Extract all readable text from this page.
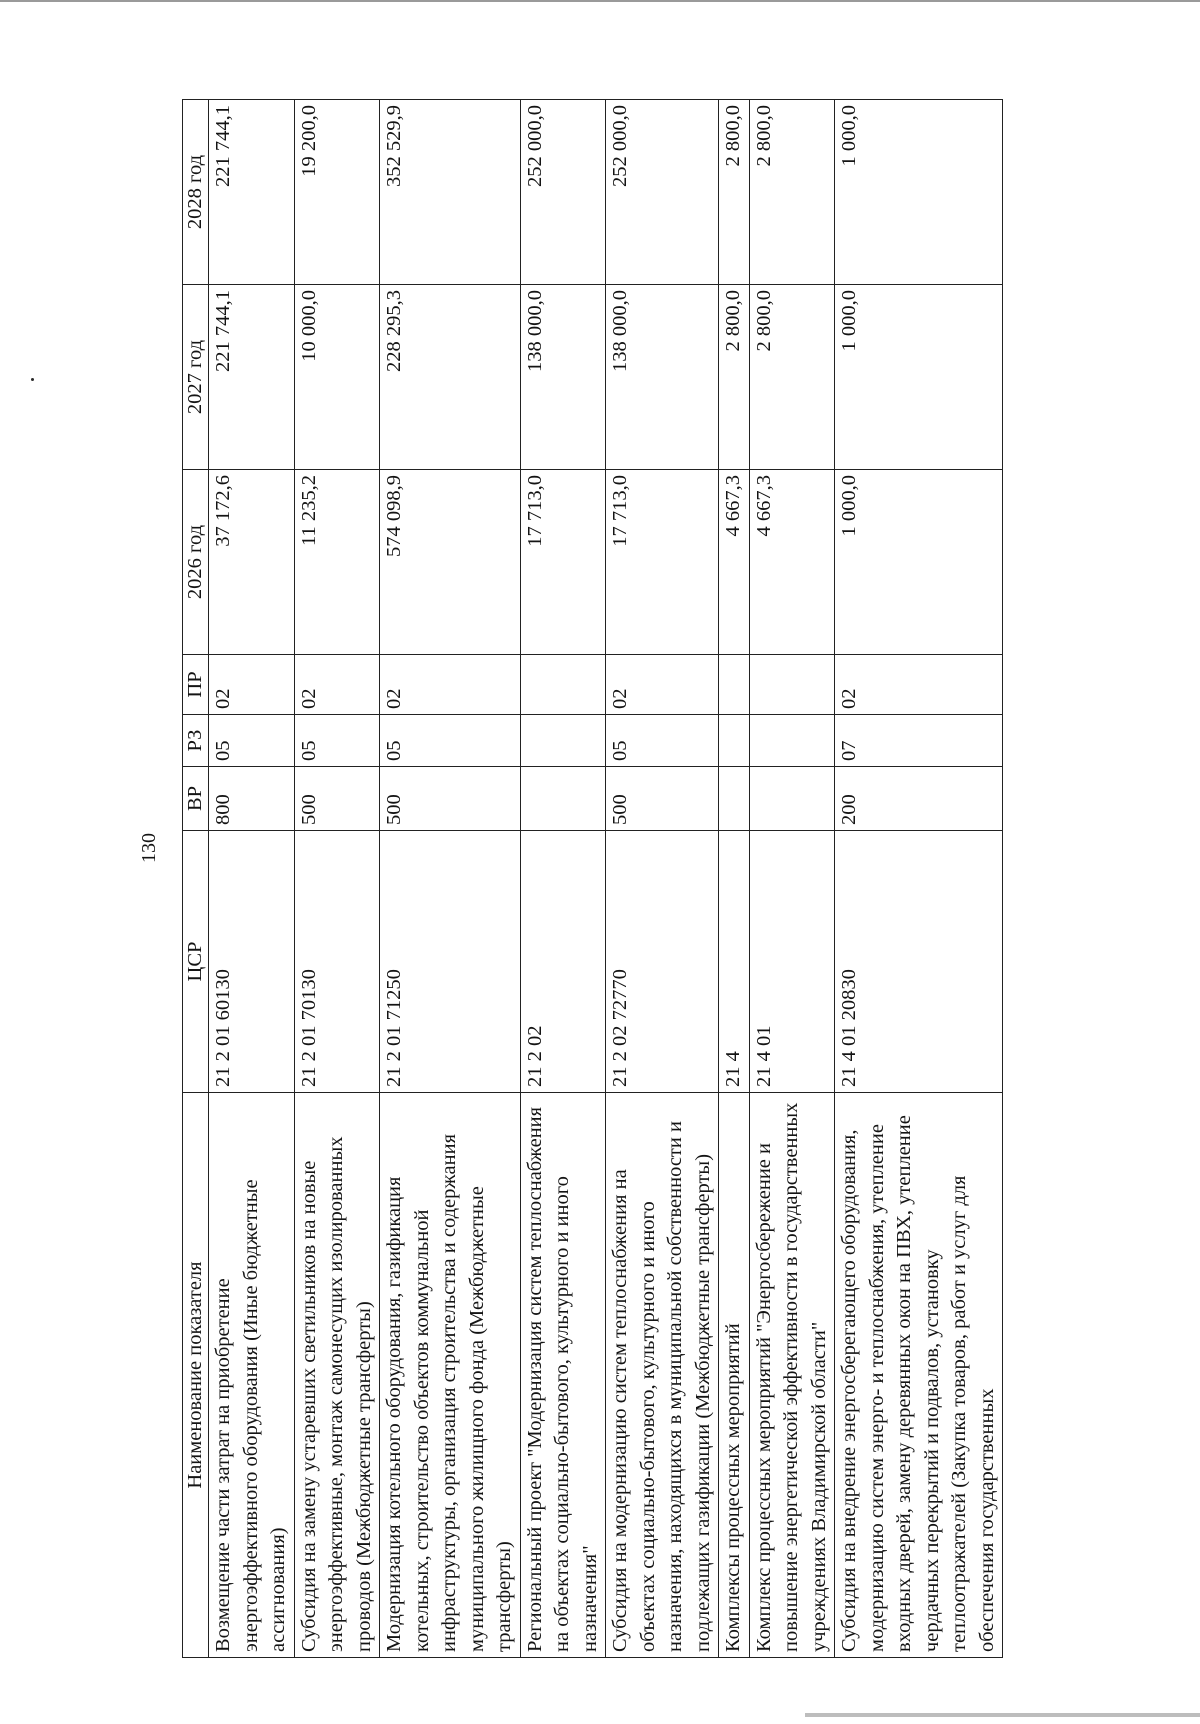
130
Наименование показателя	ЦСР	ВР	РЗ	ПР	2026 год	2027 год	2028 год
Возмещение части затрат на приобретение энергоэффективного оборудования (Иные бюджетные ассигнования)	21 2 01 60130	800	05	02	37 172,6	221 744,1	221 744,1
Субсидия на замену устаревших светильников на новые энергоэффективные, монтаж самонесущих изолированных проводов (Межбюджетные трансферты)	21 2 01 70130	500	05	02	11 235,2	10 000,0	19 200,0
Модернизация котельного оборудования, газификация котельных, строительство объектов коммунальной инфраструктуры, организация строительства и содержания муниципального жилищного фонда (Межбюджетные трансферты)	21 2 01 71250	500	05	02	574 098,9	228 295,3	352 529,9
Региональный проект "Модернизация систем теплоснабжения на объектах социально-бытового, культурного и иного назначения"	21 2 02				17 713,0	138 000,0	252 000,0
Субсидия на модернизацию систем теплоснабжения на объектах социально-бытового, культурного и иного назначения, находящихся в муниципальной собственности и подлежащих газификации (Межбюджетные трансферты)	21 2 02 72770	500	05	02	17 713,0	138 000,0	252 000,0
Комплексы процессных мероприятий	21 4				4 667,3	2 800,0	2 800,0
Комплекс процессных мероприятий "Энергосбережение и повышение энергетической эффективности в государственных учреждениях Владимирской области"	21 4 01				4 667,3	2 800,0	2 800,0
Субсидия на внедрение энергосберегающего оборудования, модернизацию систем энерго- и теплоснабжения, утепление входных дверей, замену деревянных окон на ПВХ, утепление чердачных перекрытий и подвалов, установку теплоотражателей (Закупка товаров, работ и услуг для обеспечения государственных	21 4 01 20830	200	07	02	1 000,0	1 000,0	1 000,0
